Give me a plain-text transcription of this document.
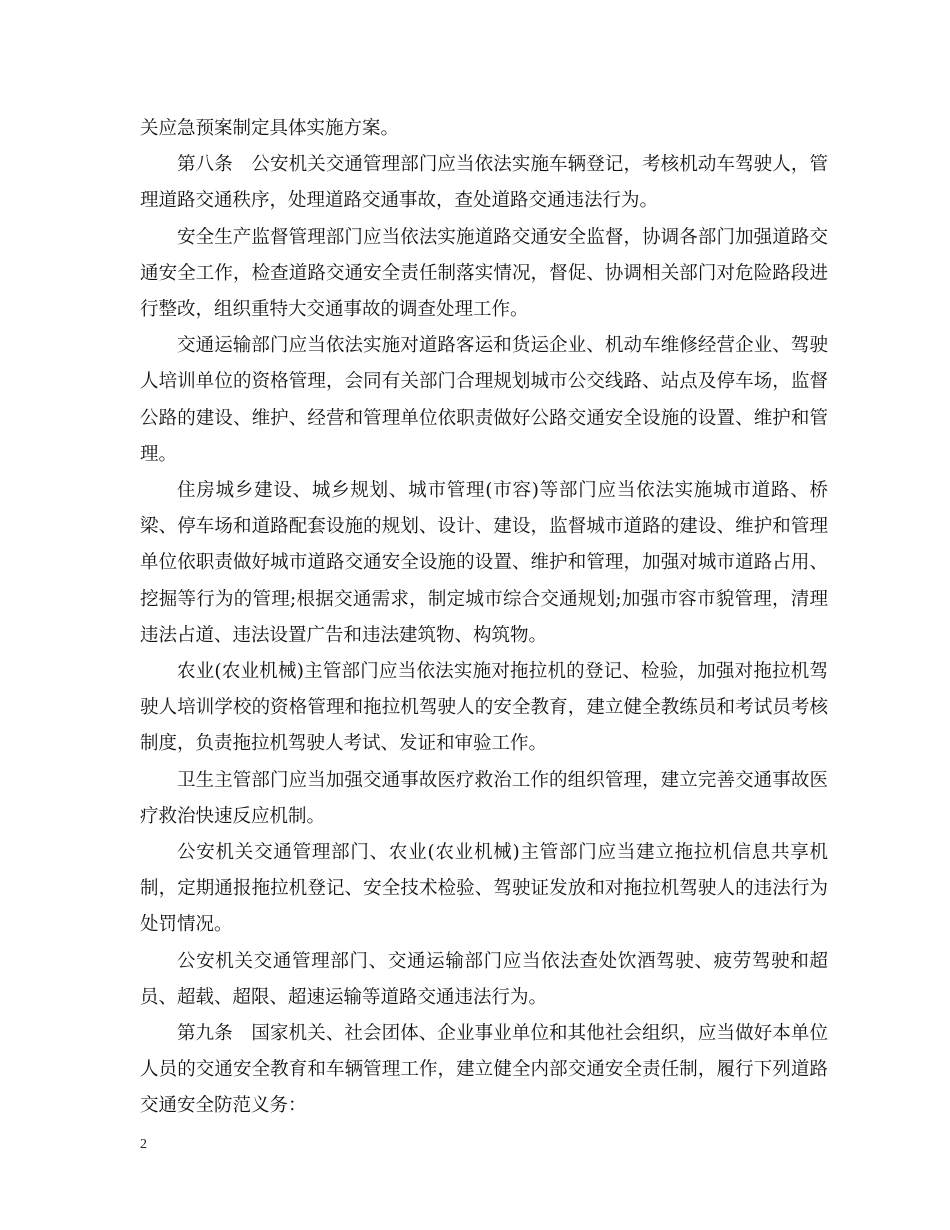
关应急预案制定具体实施方案。

第八条　公安机关交通管理部门应当依法实施车辆登记，考核机动车驾驶人，管理道路交通秩序，处理道路交通事故，查处道路交通违法行为。

安全生产监督管理部门应当依法实施道路交通安全监督，协调各部门加强道路交通安全工作，检查道路交通安全责任制落实情况，督促、协调相关部门对危险路段进行整改，组织重特大交通事故的调查处理工作。

交通运输部门应当依法实施对道路客运和货运企业、机动车维修经营企业、驾驶人培训单位的资格管理，会同有关部门合理规划城市公交线路、站点及停车场，监督公路的建设、维护、经营和管理单位依职责做好公路交通安全设施的设置、维护和管理。

住房城乡建设、城乡规划、城市管理(市容)等部门应当依法实施城市道路、桥梁、停车场和道路配套设施的规划、设计、建设，监督城市道路的建设、维护和管理单位依职责做好城市道路交通安全设施的设置、维护和管理，加强对城市道路占用、挖掘等行为的管理;根据交通需求，制定城市综合交通规划;加强市容市貌管理，清理违法占道、违法设置广告和违法建筑物、构筑物。

农业(农业机械)主管部门应当依法实施对拖拉机的登记、检验，加强对拖拉机驾驶人培训学校的资格管理和拖拉机驾驶人的安全教育，建立健全教练员和考试员考核制度，负责拖拉机驾驶人考试、发证和审验工作。

卫生主管部门应当加强交通事故医疗救治工作的组织管理，建立完善交通事故医疗救治快速反应机制。

公安机关交通管理部门、农业(农业机械)主管部门应当建立拖拉机信息共享机制，定期通报拖拉机登记、安全技术检验、驾驶证发放和对拖拉机驾驶人的违法行为处罚情况。

公安机关交通管理部门、交通运输部门应当依法查处饮酒驾驶、疲劳驾驶和超员、超载、超限、超速运输等道路交通违法行为。

第九条　国家机关、社会团体、企业事业单位和其他社会组织，应当做好本单位人员的交通安全教育和车辆管理工作，建立健全内部交通安全责任制，履行下列道路交通安全防范义务：

2
